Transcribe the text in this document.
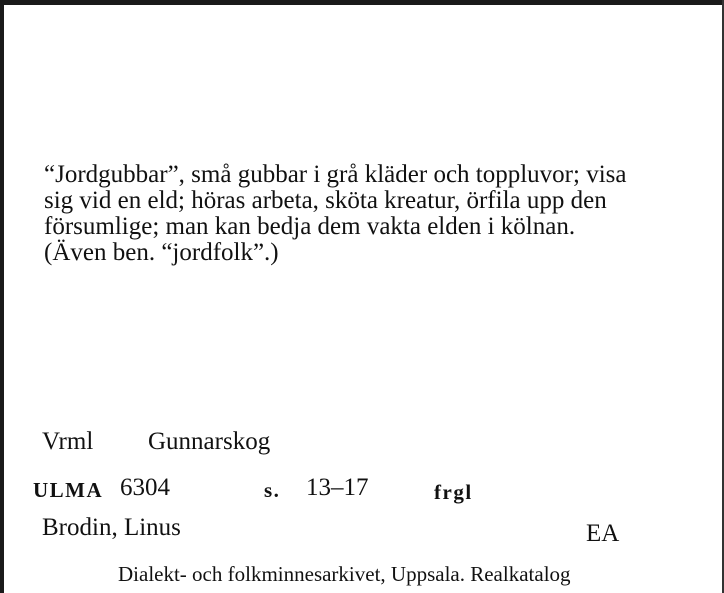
“Jordgubbar”, små gubbar i grå kläder och toppluvor; visa
sig vid en eld; höras arbeta, sköta kreatur, örfila upp den
försumlige; man kan bedja dem vakta elden i kölnan.
(Även ben. “jordfolk”.)

Vrml Gunnarskog
ULMA 6304	s. 13–17	frgl
Brodin, Linus	EA
Dialekt- och folkminnesarkivet, Uppsala. Realkatalog
